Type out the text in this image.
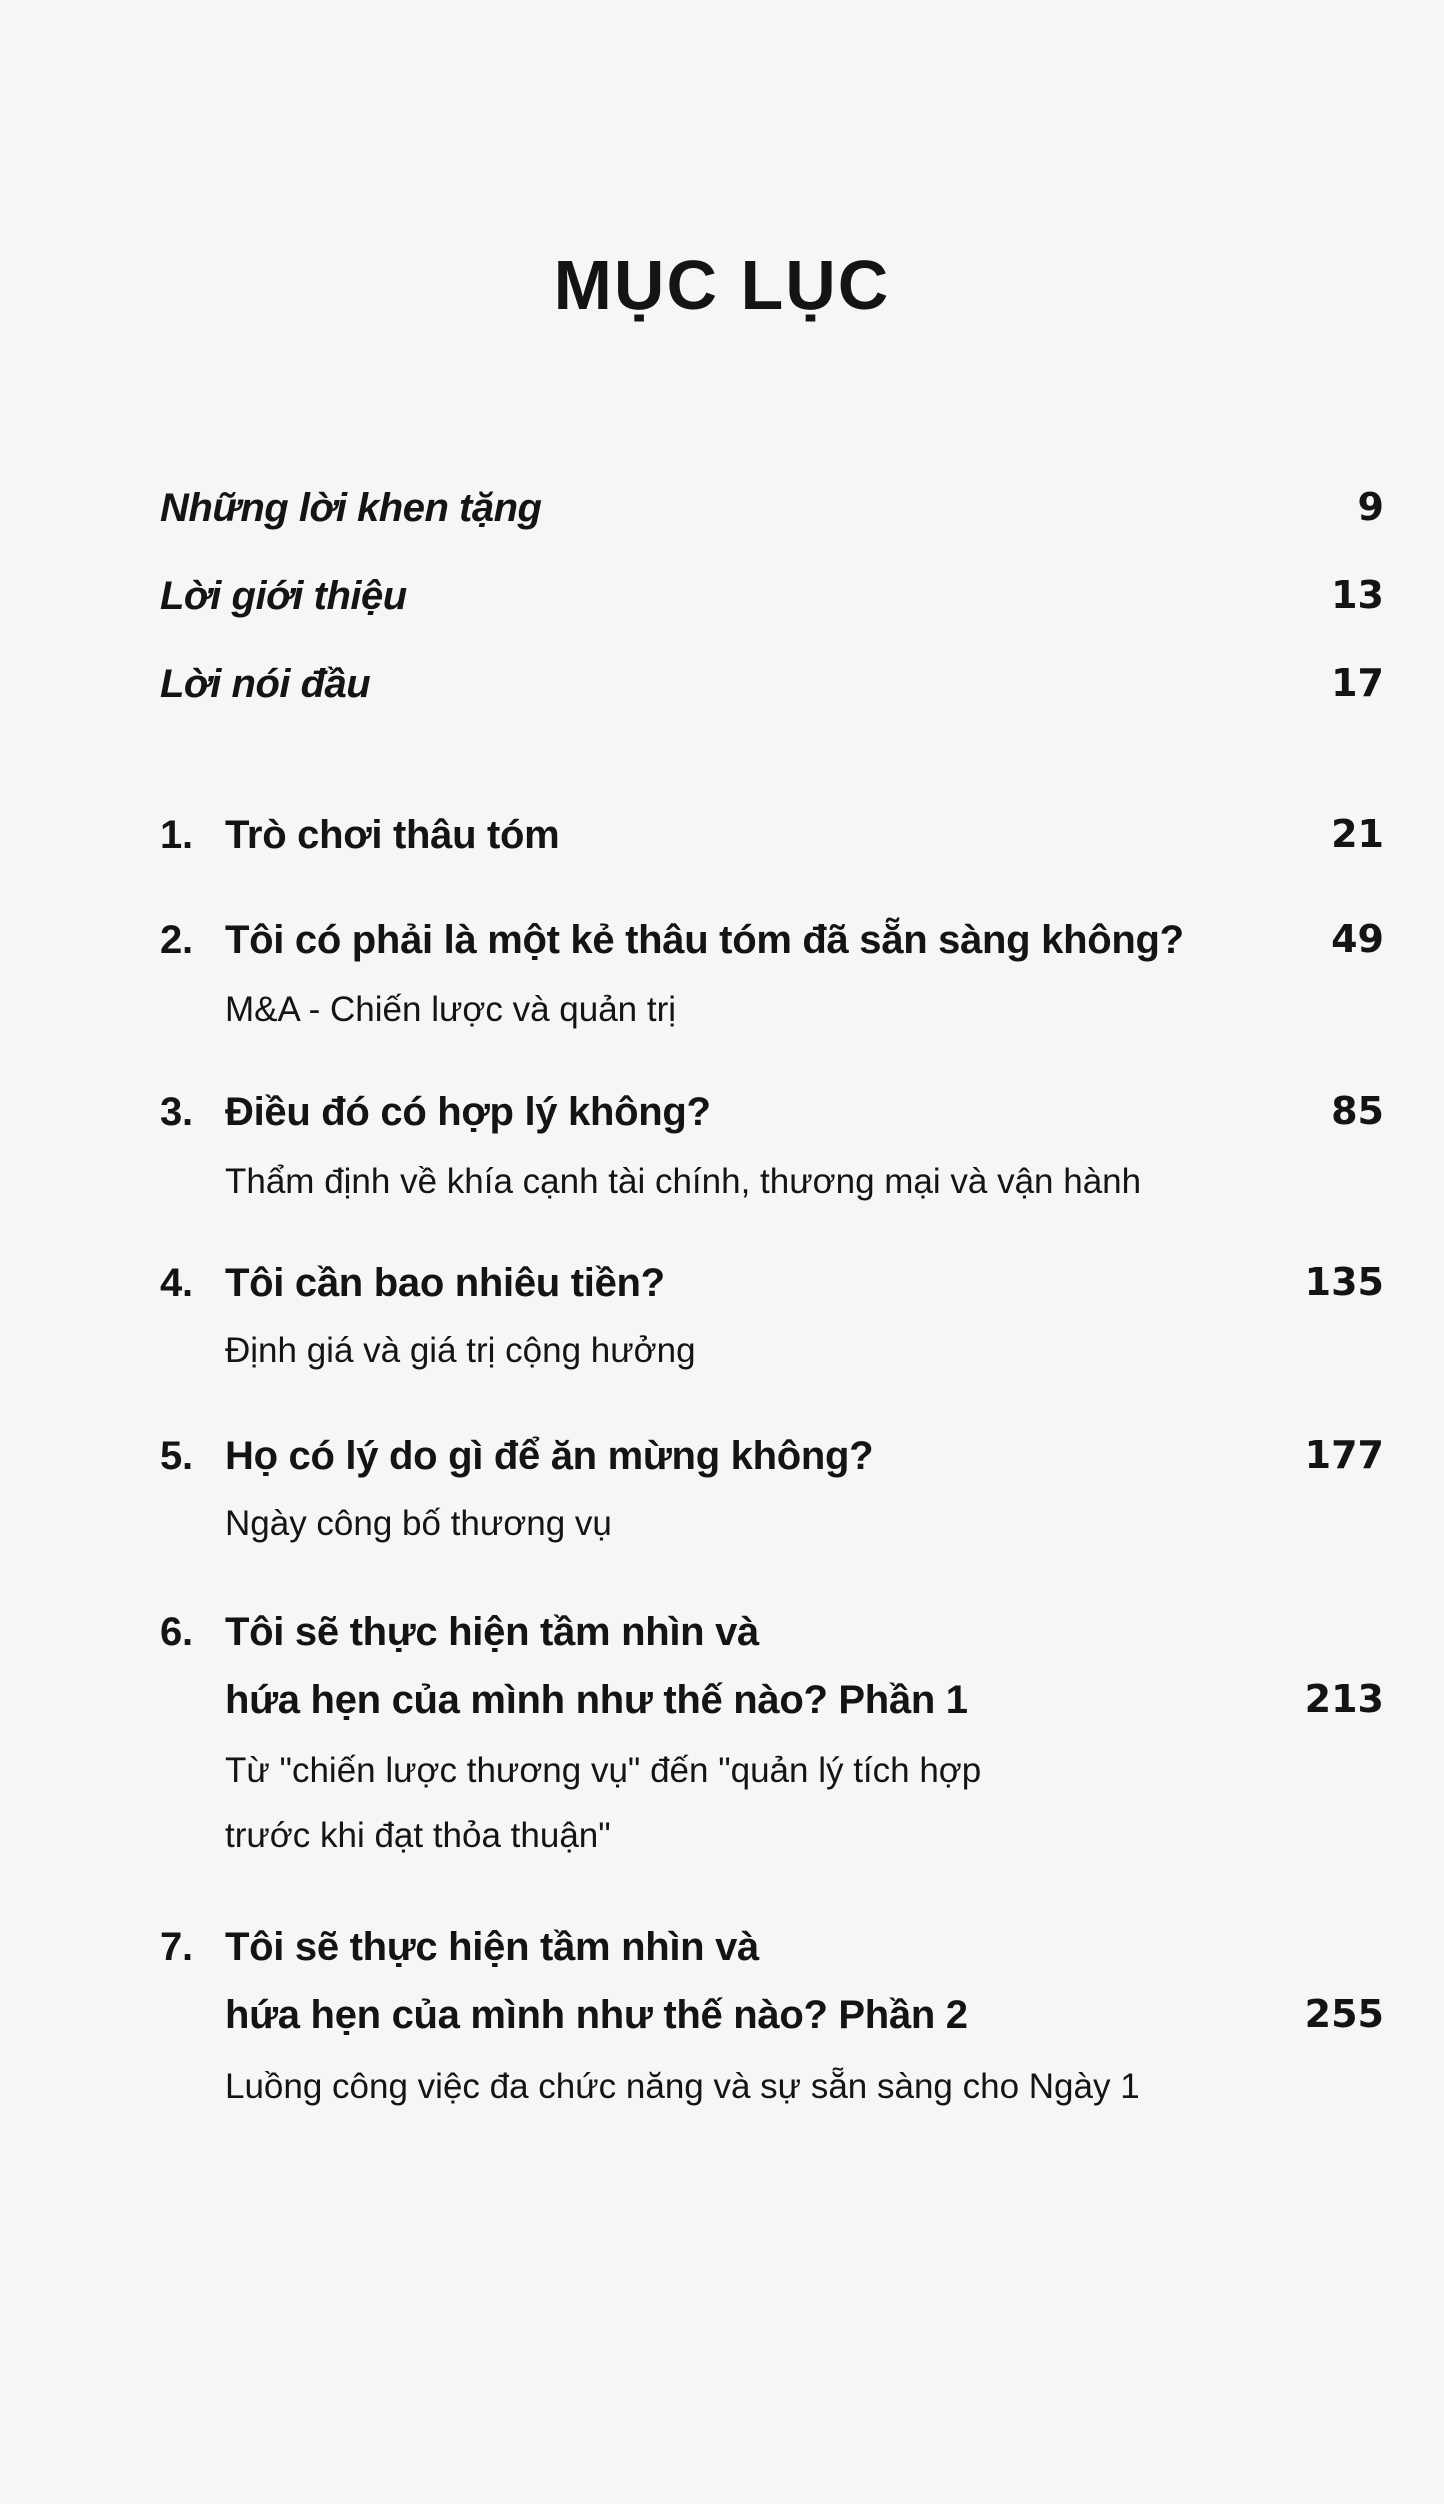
MỤC LỤC
Những lời khen tặng	9
Lời giới thiệu	13
Lời nói đầu	17
1. Trò chơi thâu tóm	21
2. Tôi có phải là một kẻ thâu tóm đã sẵn sàng không?	49
M&A - Chiến lược và quản trị
3. Điều đó có hợp lý không?	85
Thẩm định về khía cạnh tài chính, thương mại và vận hành
4. Tôi cần bao nhiêu tiền?	135
Định giá và giá trị cộng hưởng
5. Họ có lý do gì để ăn mừng không?	177
Ngày công bố thương vụ
6. Tôi sẽ thực hiện tầm nhìn và
hứa hẹn của mình như thế nào? Phần 1	213
Từ "chiến lược thương vụ" đến "quản lý tích hợp
trước khi đạt thỏa thuận"
7. Tôi sẽ thực hiện tầm nhìn và
hứa hẹn của mình như thế nào? Phần 2	255
Luồng công việc đa chức năng và sự sẵn sàng cho Ngày 1
